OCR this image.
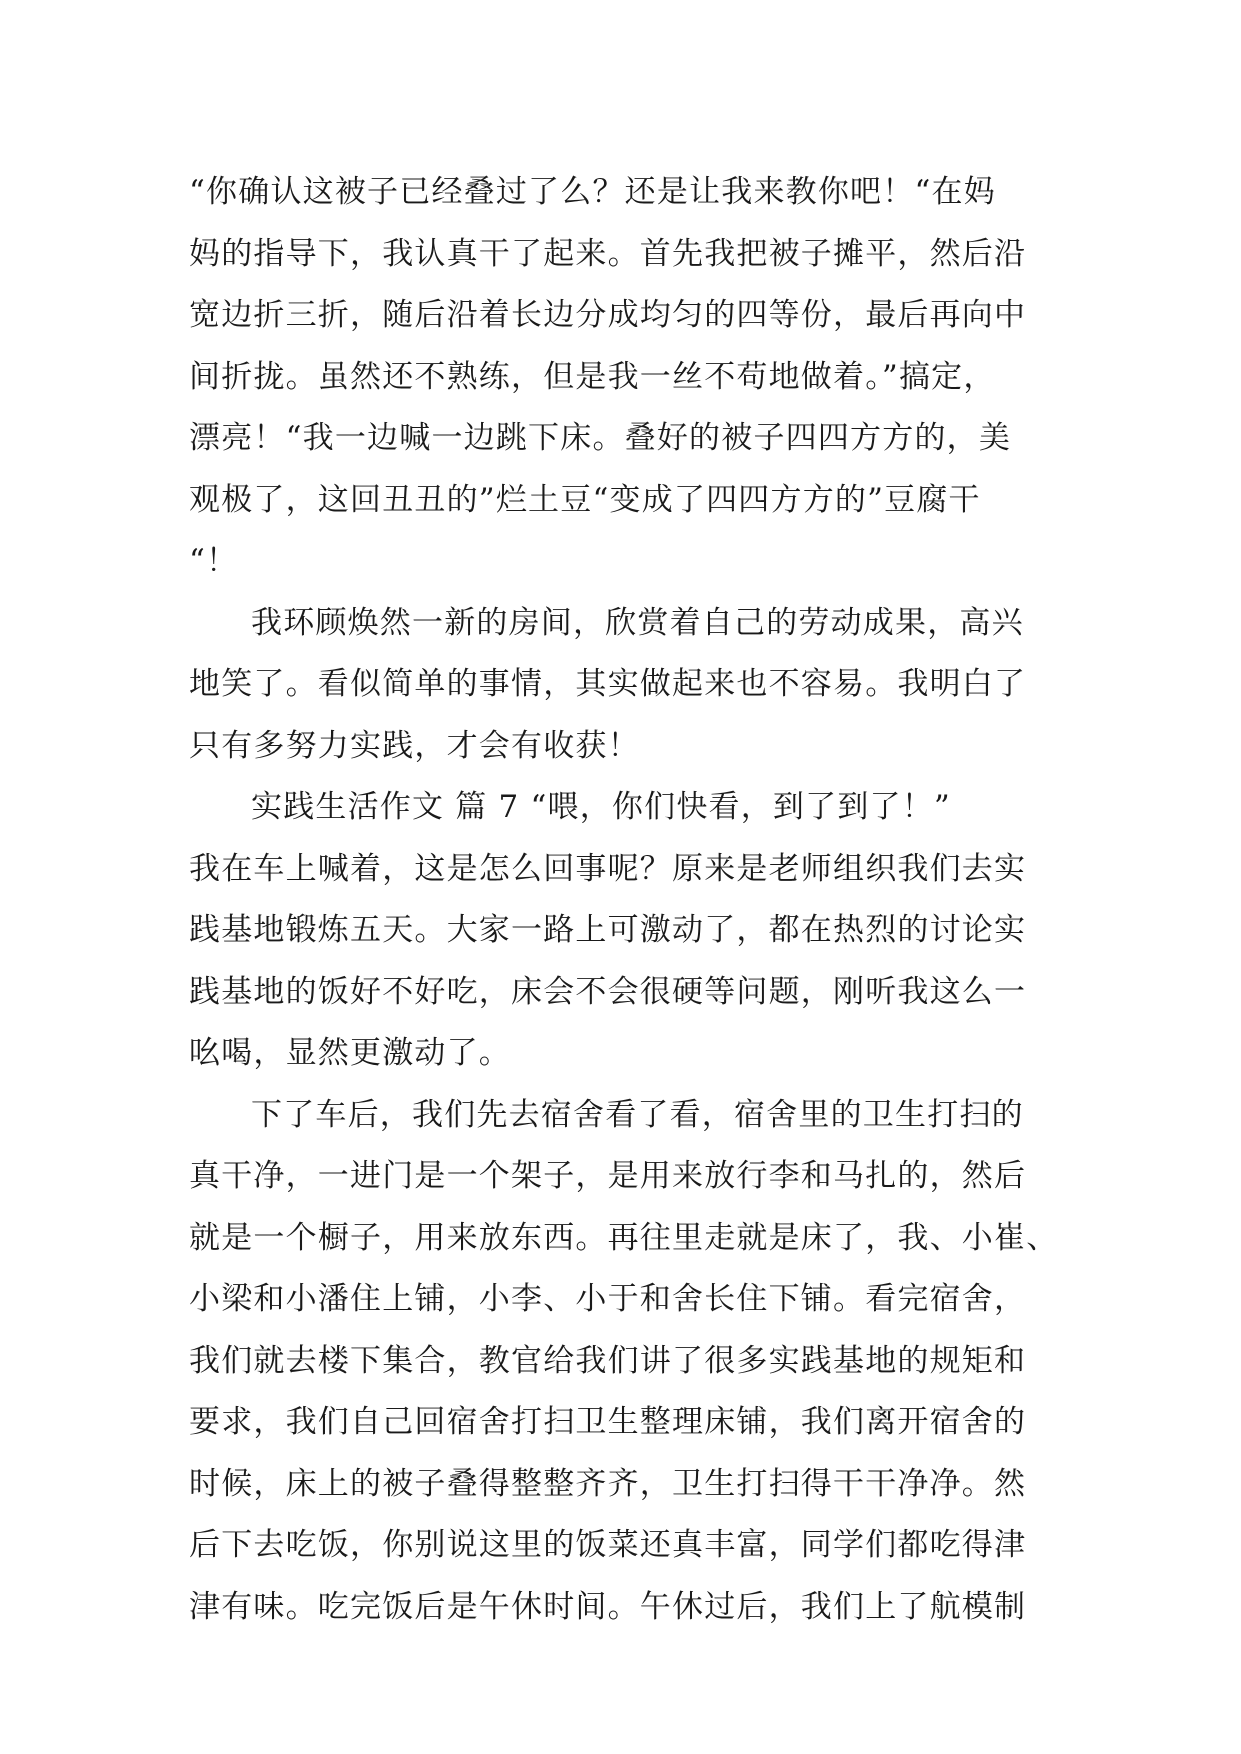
“你确认这被子已经叠过了么？还是让我来教你吧！“在妈
妈的指导下，我认真干了起来。首先我把被子摊平，然后沿
宽边折三折，随后沿着长边分成均匀的四等份，最后再向中
间折拢。虽然还不熟练，但是我一丝不苟地做着。”搞定，
漂亮！“我一边喊一边跳下床。叠好的被子四四方方的，美
观极了，这回丑丑的”烂土豆“变成了四四方方的”豆腐干
“！
我环顾焕然一新的房间，欣赏着自己的劳动成果，高兴
地笑了。看似简单的事情，其实做起来也不容易。我明白了
只有多努力实践，才会有收获！
实践生活作文 篇 7 “喂，你们快看，到了到了！”
我在车上喊着，这是怎么回事呢？原来是老师组织我们去实
践基地锻炼五天。大家一路上可激动了，都在热烈的讨论实
践基地的饭好不好吃，床会不会很硬等问题，刚听我这么一
吆喝，显然更激动了。
下了车后，我们先去宿舍看了看，宿舍里的卫生打扫的
真干净，一进门是一个架子，是用来放行李和马扎的，然后
就是一个橱子，用来放东西。再往里走就是床了，我、小崔、
小梁和小潘住上铺，小李、小于和舍长住下铺。看完宿舍，
我们就去楼下集合，教官给我们讲了很多实践基地的规矩和
要求，我们自己回宿舍打扫卫生整理床铺，我们离开宿舍的
时候，床上的被子叠得整整齐齐，卫生打扫得干干净净。然
后下去吃饭，你别说这里的饭菜还真丰富，同学们都吃得津
津有味。吃完饭后是午休时间。午休过后，我们上了航模制
